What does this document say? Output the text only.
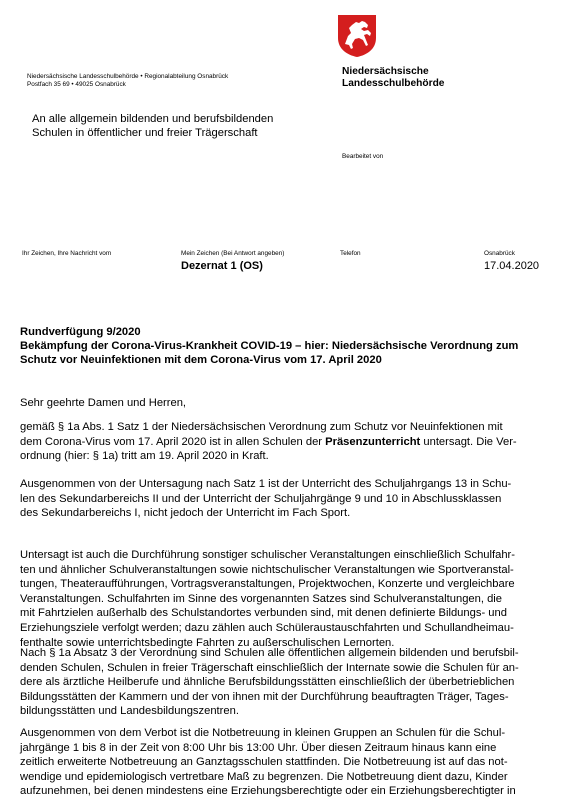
Niedersächsische
Landesschulbehörde
Niedersächsische Landesschulbehörde • Regionalabteilung Osnabrück
Postfach 35 69 • 49025 Osnabrück
An alle allgemein bildenden und berufsbildenden
Schulen in öffentlicher und freier Trägerschaft
Bearbeitet von
Ihr Zeichen, Ihre Nachricht vom	Mein Zeichen (Bei Antwort angeben)
Dezernat 1 (OS)
Telefon	Osnabrück
17.04.2020
Rundverfügung 9/2020
Bekämpfung der Corona-Virus-Krankheit COVID-19 – hier: Niedersächsische Verordnung zum
Schutz vor Neuinfektionen mit dem Corona-Virus vom 17. April 2020
Sehr geehrte Damen und Herren,
gemäß § 1a Abs. 1 Satz 1 der Niedersächsischen Verordnung zum Schutz vor Neuinfektionen mit
dem Corona-Virus vom 17. April 2020 ist in allen Schulen der Präsenzunterricht untersagt. Die Ver-
ordnung (hier: § 1a) tritt am 19. April 2020 in Kraft.
Ausgenommen von der Untersagung nach Satz 1 ist der Unterricht des Schuljahrgangs 13 in Schu-
len des Sekundarbereichs II und der Unterricht der Schuljahrgänge 9 und 10 in Abschlussklassen
des Sekundarbereichs I, nicht jedoch der Unterricht im Fach Sport.
Untersagt ist auch die Durchführung sonstiger schulischer Veranstaltungen einschließlich Schulfahr-
ten und ähnlicher Schulveranstaltungen sowie nichtschulischer Veranstaltungen wie Sportveranstal-
tungen, Theateraufführungen, Vortragsveranstaltungen, Projektwochen, Konzerte und vergleichbare
Veranstaltungen. Schulfahrten im Sinne des vorgenannten Satzes sind Schulveranstaltungen, die
mit Fahrtzielen außerhalb des Schulstandortes verbunden sind, mit denen definierte Bildungs- und
Erziehungsziele verfolgt werden; dazu zählen auch Schüleraustauschfahrten und Schullandheimau-
fenthalte sowie unterrichtsbedingte Fahrten zu außerschulischen Lernorten.
Nach § 1a Absatz 3 der Verordnung sind Schulen alle öffentlichen allgemein bildenden und berufsbil-
denden Schulen, Schulen in freier Trägerschaft einschließlich der Internate sowie die Schulen für an-
dere als ärztliche Heilberufe und ähnliche Berufsbildungsstätten einschließlich der überbetrieblichen
Bildungsstätten der Kammern und der von ihnen mit der Durchführung beauftragten Träger, Tages-
bildungsstätten und Landesbildungszentren.
Ausgenommen von dem Verbot ist die Notbetreuung in kleinen Gruppen an Schulen für die Schul-
jahrgänge 1 bis 8 in der Zeit von 8:00 Uhr bis 13:00 Uhr. Über diesen Zeitraum hinaus kann eine
zeitlich erweiterte Notbetreuung an Ganztagsschulen stattfinden. Die Notbetreuung ist auf das not-
wendige und epidemiologisch vertretbare Maß zu begrenzen. Die Notbetreuung dient dazu, Kinder
aufzunehmen, bei denen mindestens eine Erziehungsberechtigte oder ein Erziehungsberechtigter in
